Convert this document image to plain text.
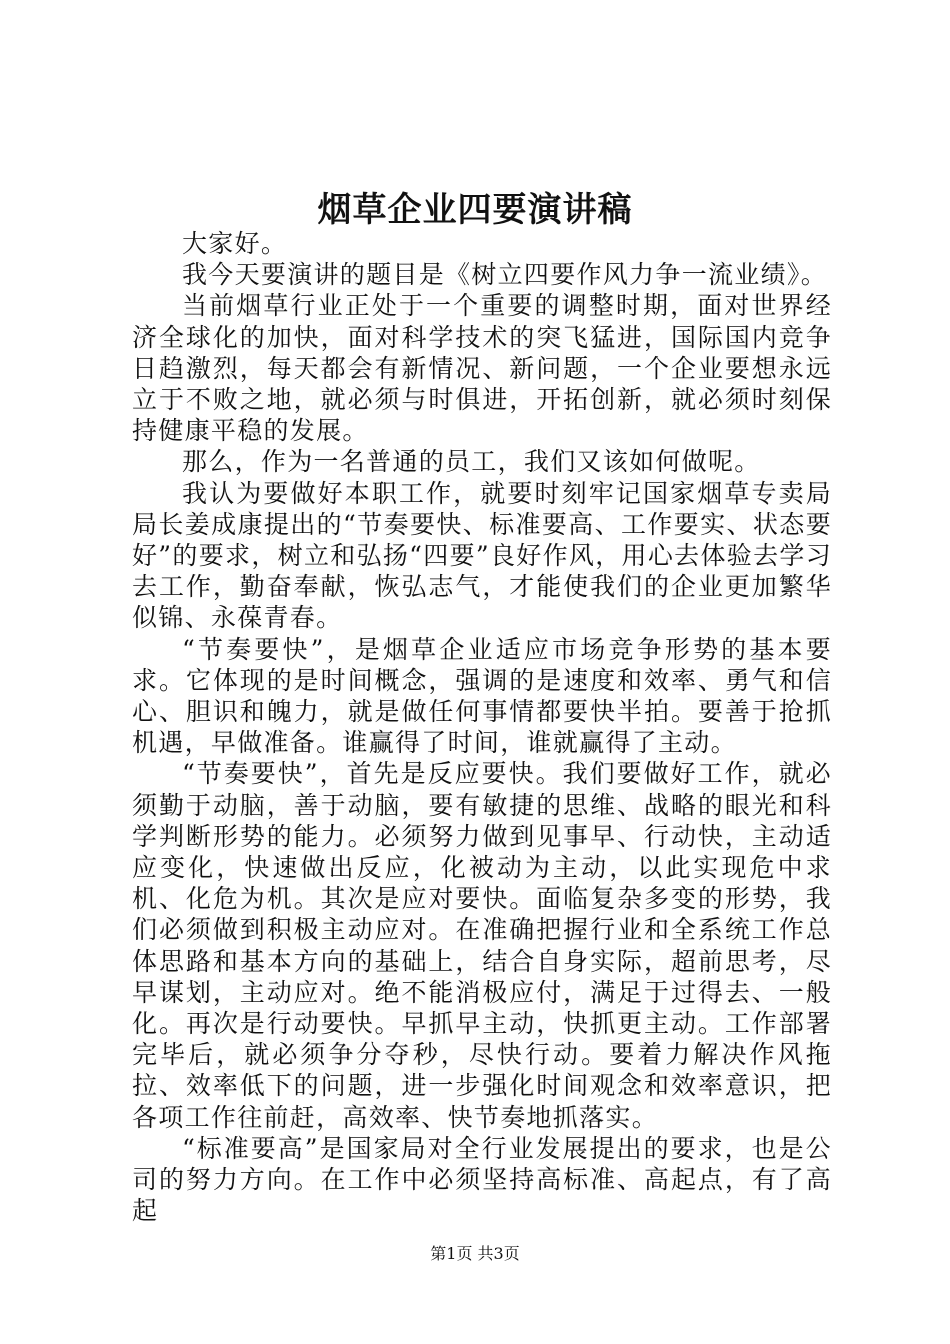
烟草企业四要演讲稿

大家好。

我今天要演讲的题目是《树立四要作风力争一流业绩》。

当前烟草行业正处于一个重要的调整时期，面对世界经济全球化的加快，面对科学技术的突飞猛进，国际国内竞争日趋激烈，每天都会有新情况、新问题，一个企业要想永远立于不败之地，就必须与时俱进，开拓创新，就必须时刻保持健康平稳的发展。

那么，作为一名普通的员工，我们又该如何做呢。

我认为要做好本职工作，就要时刻牢记国家烟草专卖局局长姜成康提出的“节奏要快、标准要高、工作要实、状态要好”的要求，树立和弘扬“四要”良好作风，用心去体验去学习去工作，勤奋奉献，恢弘志气，才能使我们的企业更加繁华似锦、永葆青春。

“节奏要快”，是烟草企业适应市场竞争形势的基本要求。它体现的是时间概念，强调的是速度和效率、勇气和信心、胆识和魄力，就是做任何事情都要快半拍。要善于抢抓机遇，早做准备。谁赢得了时间，谁就赢得了主动。

“节奏要快”，首先是反应要快。我们要做好工作，就必须勤于动脑，善于动脑，要有敏捷的思维、战略的眼光和科学判断形势的能力。必须努力做到见事早、行动快，主动适应变化，快速做出反应，化被动为主动，以此实现危中求机、化危为机。其次是应对要快。面临复杂多变的形势，我们必须做到积极主动应对。在准确把握行业和全系统工作总体思路和基本方向的基础上，结合自身实际，超前思考，尽早谋划，主动应对。绝不能消极应付，满足于过得去、一般化。再次是行动要快。早抓早主动，快抓更主动。工作部署完毕后，就必须争分夺秒，尽快行动。要着力解决作风拖拉、效率低下的问题，进一步强化时间观念和效率意识，把各项工作往前赶，高效率、快节奏地抓落实。

“标准要高”是国家局对全行业发展提出的要求，也是公司的努力方向。在工作中必须坚持高标准、高起点，有了高起

第1页 共3页
